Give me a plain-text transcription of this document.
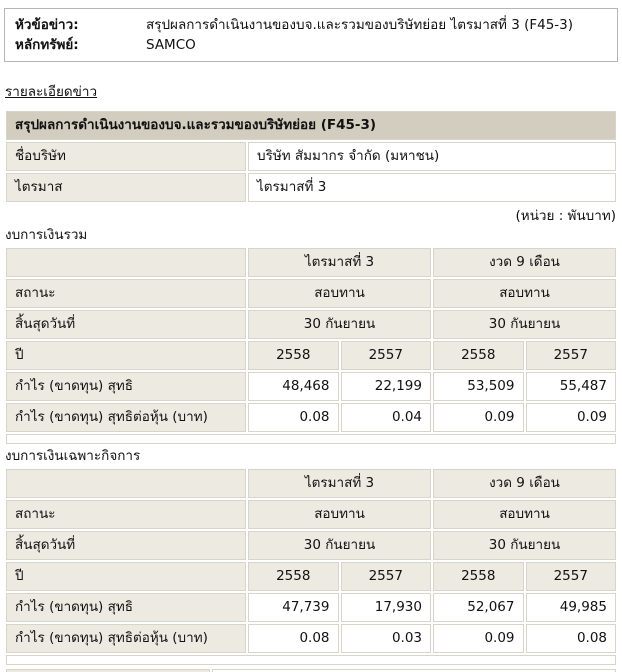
หัวข้อข่าว:	สรุปผลการดำเนินงานของบจ.และรวมของบริษัทย่อย ไตรมาสที่ 3 (F45-3)
หลักทรัพย์:	SAMCO
รายละเอียดข่าว
สรุปผลการดำเนินงานของบจ.และรวมของบริษัทย่อย (F45-3)	
ชื่อบริษัท	บริษัท สัมมากร จำกัด (มหาชน)
ไตรมาส	ไตรมาสที่ 3
(หน่วย : พันบาท)
งบการเงินรวม
	ไตรมาสที่ 3		งวด 9 เดือน	
สถานะ	สอบทาน		สอบทาน	
สิ้นสุดวันที่	30 กันยายน		30 กันยายน	
ปี	2558	2557	2558	2557
กำไร (ขาดทุน) สุทธิ	48,468	22,199	53,509	55,487
กำไร (ขาดทุน) สุทธิต่อหุ้น (บาท)	0.08	0.04	0.09	0.09

งบการเงินเฉพาะกิจการ
	ไตรมาสที่ 3		งวด 9 เดือน	
สถานะ	สอบทาน		สอบทาน	
สิ้นสุดวันที่	30 กันยายน		30 กันยายน	
ปี	2558	2557	2558	2557
กำไร (ขาดทุน) สุทธิ	47,739	17,930	52,067	49,985
กำไร (ขาดทุน) สุทธิต่อหุ้น (บาท)	0.08	0.03	0.09	0.08
